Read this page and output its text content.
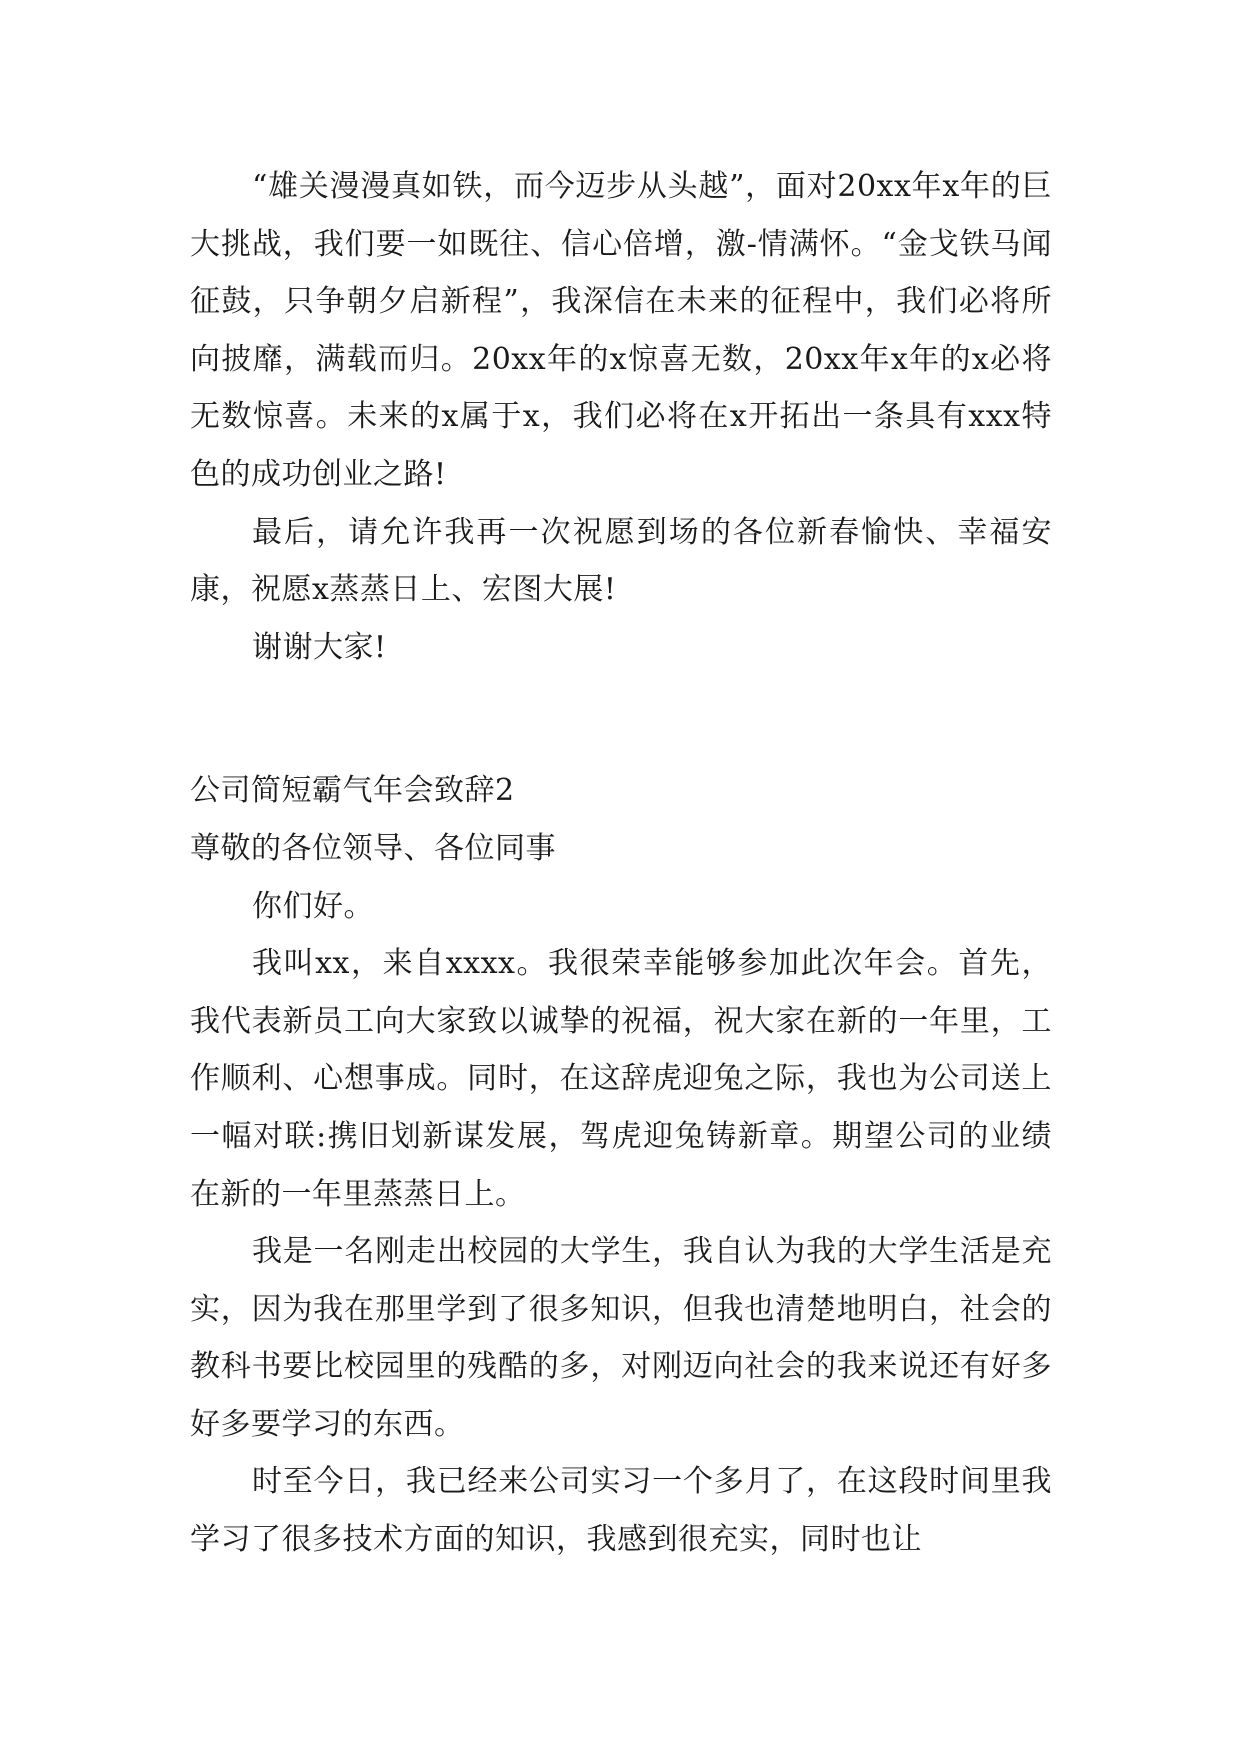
“雄关漫漫真如铁，而今迈步从头越”，面对20xx年x年的巨大挑战，我们要一如既往、信心倍增，激-情满怀。“金戈铁马闻征鼓，只争朝夕启新程”，我深信在未来的征程中，我们必将所向披靡，满载而归。20xx年的x惊喜无数，20xx年x年的x必将无数惊喜。未来的x属于x，我们必将在x开拓出一条具有xxx特色的成功创业之路!

最后，请允许我再一次祝愿到场的各位新春愉快、幸福安康，祝愿x蒸蒸日上、宏图大展!

谢谢大家!

公司简短霸气年会致辞2

尊敬的各位领导、各位同事

你们好。

我叫xx，来自xxxx。我很荣幸能够参加此次年会。首先，我代表新员工向大家致以诚挚的祝福，祝大家在新的一年里，工作顺利、心想事成。同时，在这辞虎迎兔之际，我也为公司送上一幅对联:携旧划新谋发展，驾虎迎兔铸新章。期望公司的业绩在新的一年里蒸蒸日上。

我是一名刚走出校园的大学生，我自认为我的大学生活是充实，因为我在那里学到了很多知识，但我也清楚地明白，社会的教科书要比校园里的残酷的多，对刚迈向社会的我来说还有好多好多要学习的东西。

时至今日，我已经来公司实习一个多月了，在这段时间里我学习了很多技术方面的知识，我感到很充实，同时也让
